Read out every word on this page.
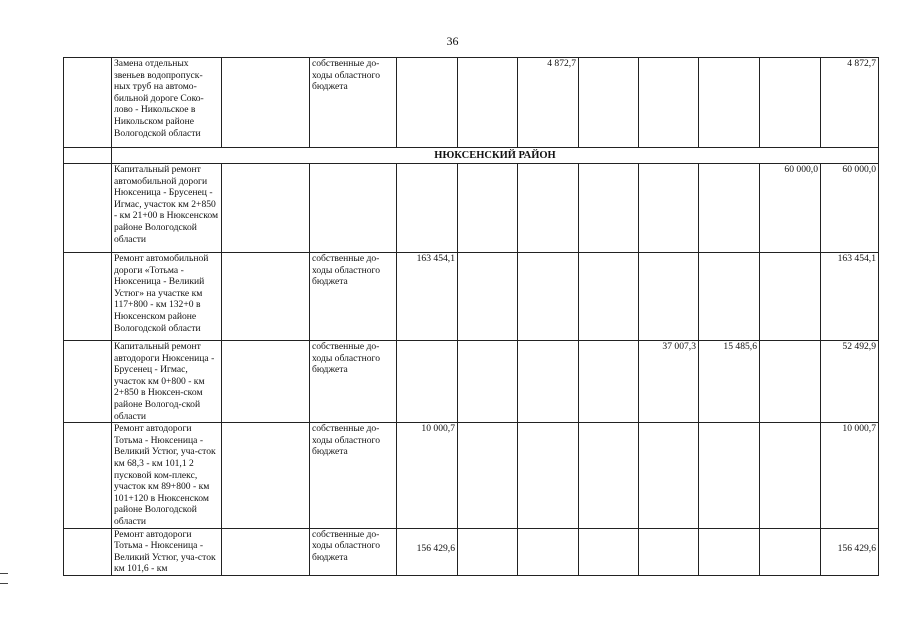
36
	Замена отдельных звеньев водопропуск-ных труб на автомо-бильной дороге Соко-лово - Никольское в Никольском районе Вологодской области		собственные до-ходы областного бюджета			4 872,7					4 872,7
	НЮКСЕНСКИЙ РАЙОН										
	Капитальный ремонт автомобильной дороги Нюксеница - Брусенец - Игмас, участок км 2+850 - км 21+00 в Нюксенском районе Вологодской области									60 000,0	60 000,0
	Ремонт автомобильной дороги «Тотьма - Нюксеница - Великий Устюг» на участке км 117+800 - км 132+0 в Нюксенском районе Вологодской области		собственные до-ходы областного бюджета	163 454,1							163 454,1
	Капитальный ремонт автодороги Нюксеница - Брусенец - Игмас, участок км 0+800 - км 2+850 в Нюксен-ском районе Вологод-ской области		собственные до-ходы областного бюджета					37 007,3	15 485,6		52 492,9
	Ремонт автодороги Тотьма - Нюксеница - Великий Устюг, уча-сток км 68,3 - км 101,1 2 пусковой ком-плекс, участок км 89+800 - км 101+120 в Нюксенском районе Вологодской области		собственные до-ходы областного бюджета	10 000,7							10 000,7
	Ремонт автодороги Тотьма - Нюксеница - Великий Устюг, уча-сток км 101,6 - км		собственные до-ходы областного бюджета	156 429,6							156 429,6
